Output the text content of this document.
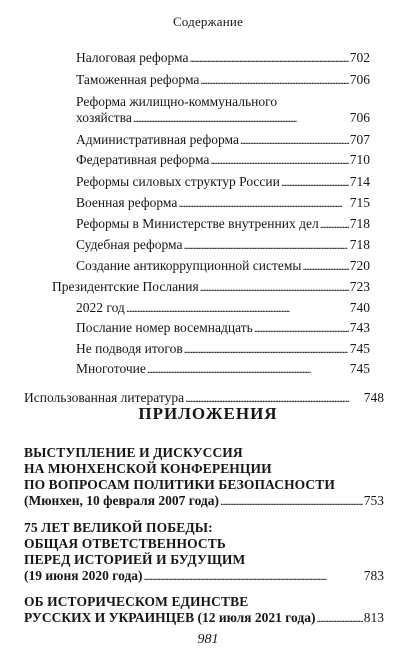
Содержание
Налоговая реформа . . .	702
Таможенная реформа . . .	706
Реформа жилищно-коммунального
хозяйства . . .	706
Административная реформа . . .	707
Федеративная реформа . . .	710
Реформы силовых структур России . . .	714
Военная реформа . . .	715
Реформы в Министерстве внутренних дел . . . 718
Судебная реформа . . .	718
Создание антикоррупционной системы . . .	720
Президентские Послания . . .	723
2022 год . . .	740
Послание номер восемнадцать . . .	743
Не подводя итогов . . .	745
Многоточие . . .	745
Использованная литература . . .	748
ПРИЛОЖЕНИЯ
ВЫСТУПЛЕНИЕ И ДИСКУССИЯ
НА МЮНХЕНСКОЙ КОНФЕРЕНЦИИ
ПО ВОПРОСАМ ПОЛИТИКИ БЕЗОПАСНОСТИ
(Мюнхен, 10 февраля 2007 года) . . .	753
75 ЛЕТ ВЕЛИКОЙ ПОБЕДЫ:
ОБЩАЯ ОТВЕТСТВЕННОСТЬ
ПЕРЕД ИСТОРИЕЙ И БУДУЩИМ
(19 июня 2020 года) . . .	783
ОБ ИСТОРИЧЕСКОМ ЕДИНСТВЕ
РУССКИХ И УКРАИНЦЕВ (12 июля 2021 года) . . .	813
981
